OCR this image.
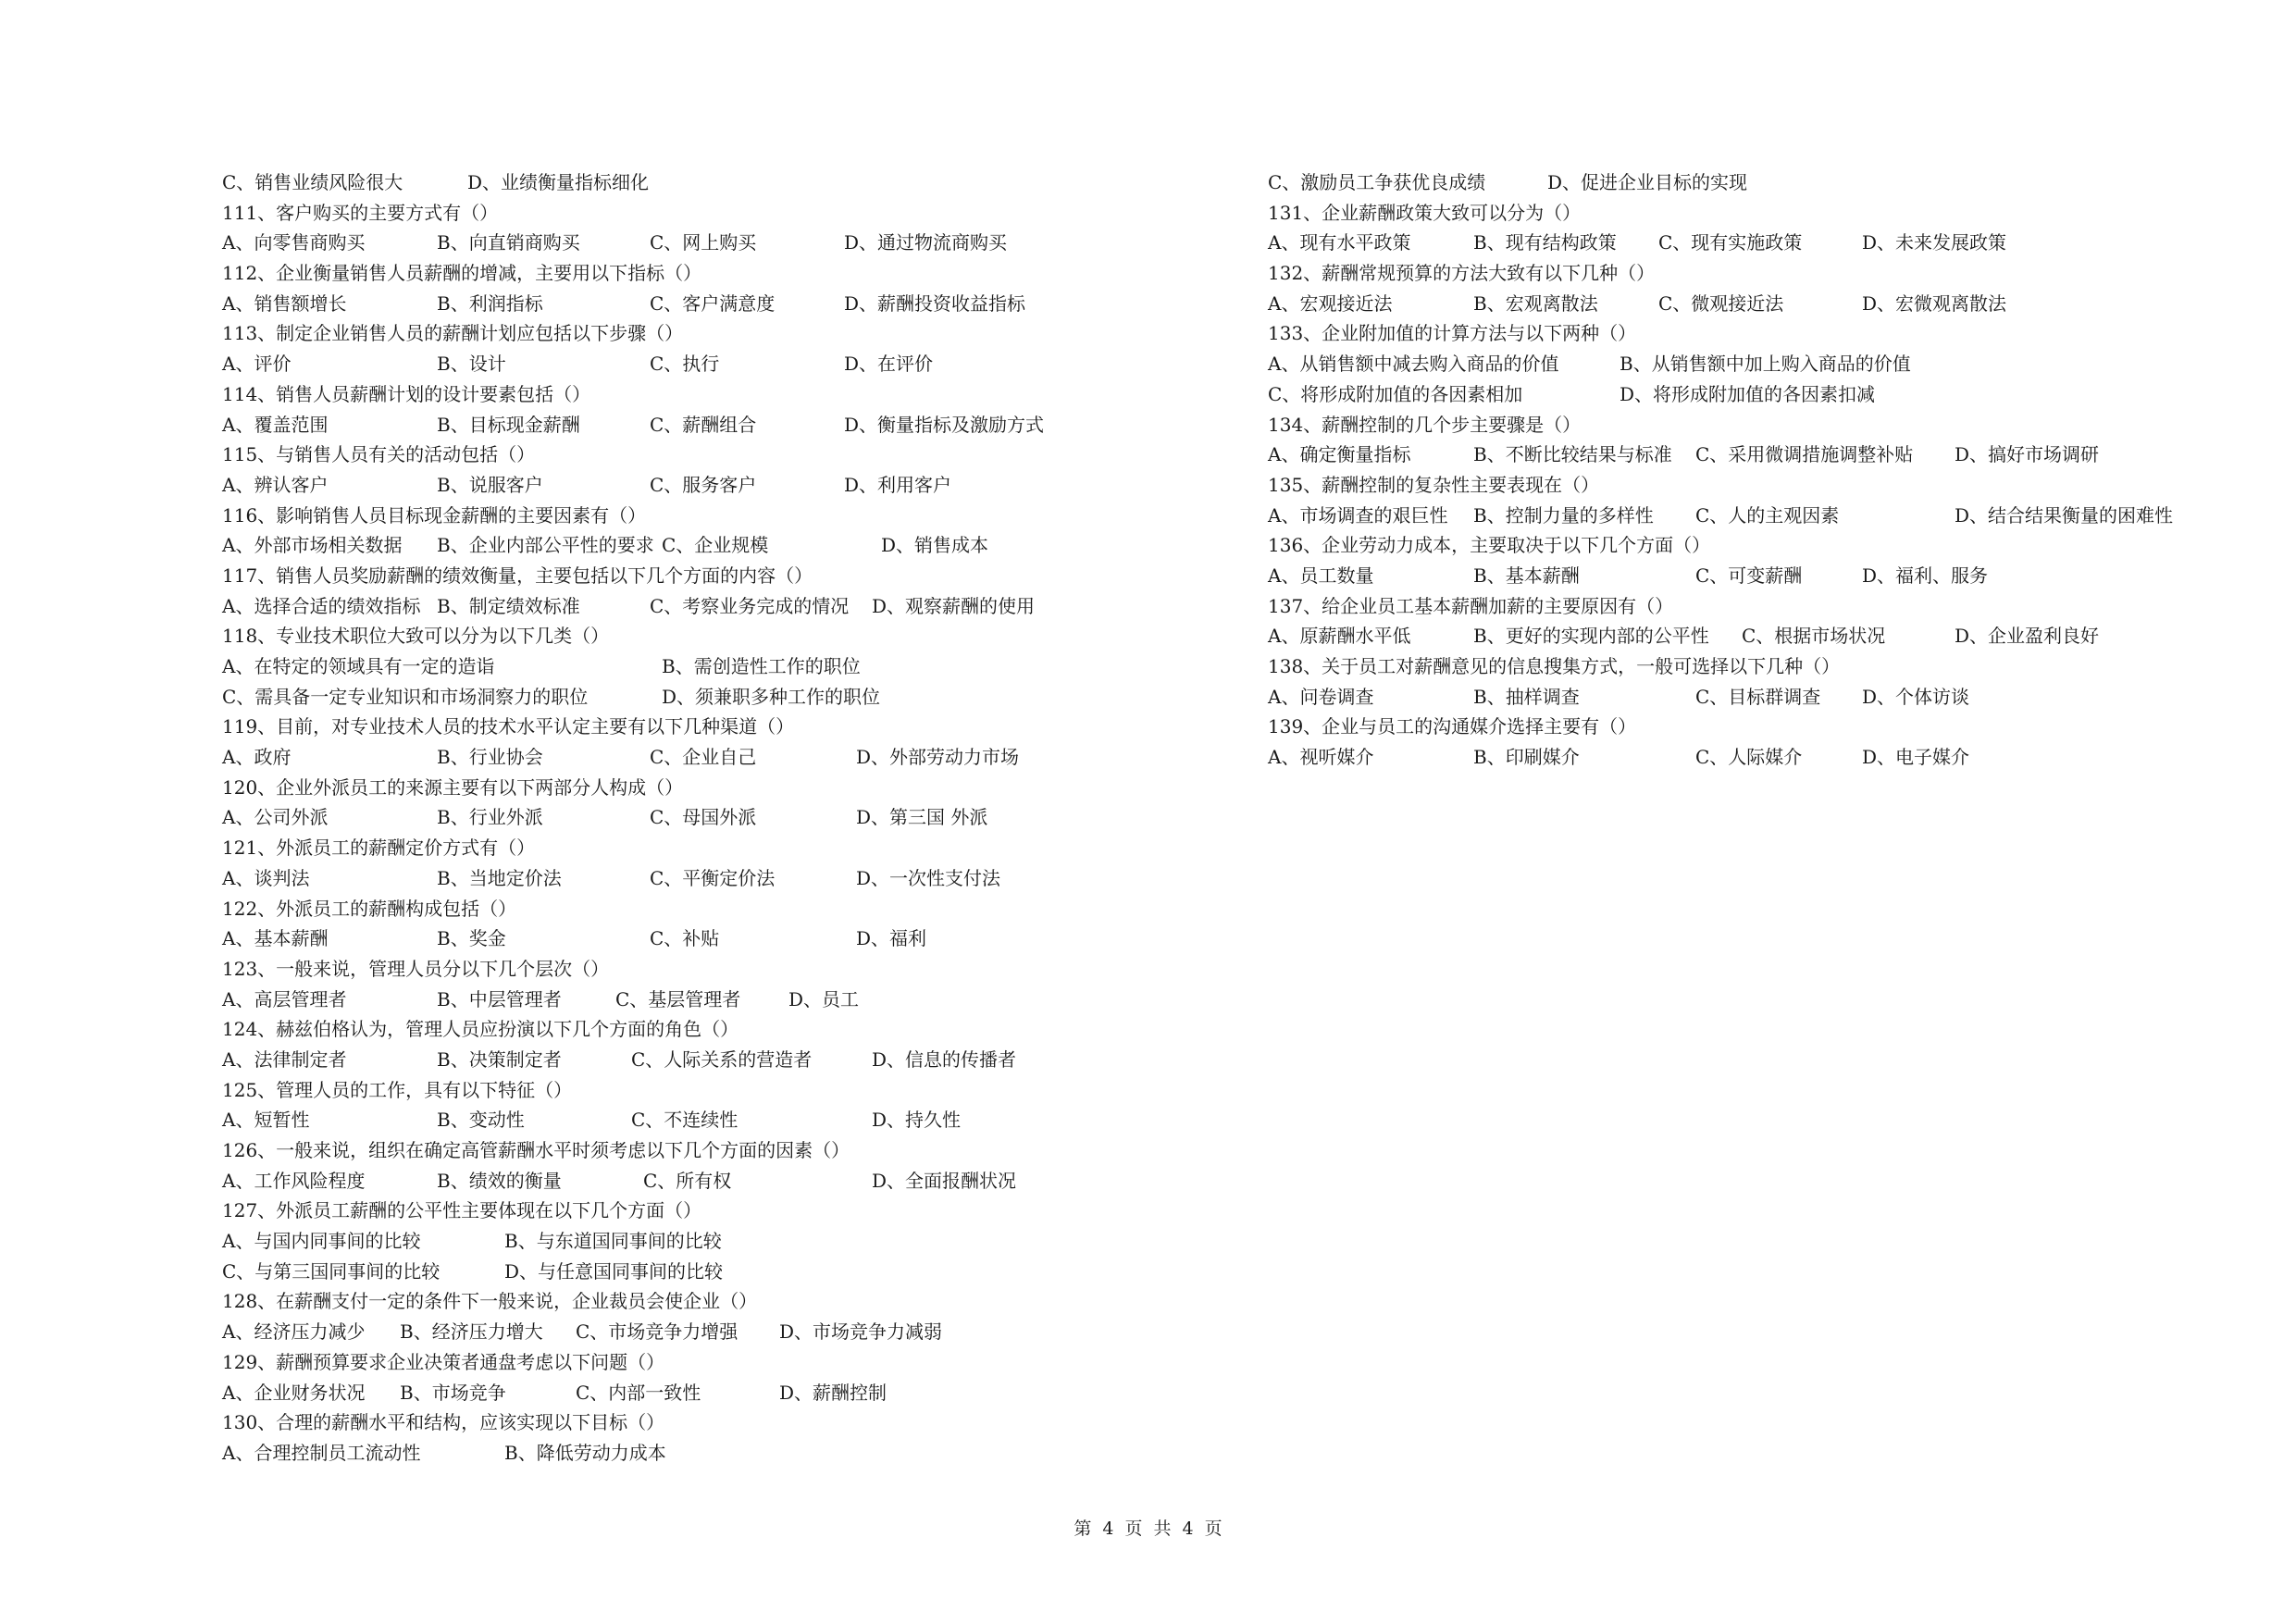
C、销售业绩风险很大	D、业绩衡量指标细化
111、客户购买的主要方式有（）
A、向零售商购买	B、向直销商购买	C、网上购买	D、通过物流商购买
112、企业衡量销售人员薪酬的增减，主要用以下指标（）
A、销售额增长	B、利润指标	C、客户满意度	D、薪酬投资收益指标
113、制定企业销售人员的薪酬计划应包括以下步骤（）
A、评价	B、设计	C、执行	D、在评价
114、销售人员薪酬计划的设计要素包括（）
A、覆盖范围	B、目标现金薪酬	C、薪酬组合	D、衡量指标及激励方式
115、与销售人员有关的活动包括（）
A、辨认客户	B、说服客户	C、服务客户	D、利用客户
116、影响销售人员目标现金薪酬的主要因素有（）
A、外部市场相关数据 B、企业内部公平性的要求 C、企业规模	D、销售成本
117、销售人员奖励薪酬的绩效衡量，主要包括以下几个方面的内容（）
A、选择合适的绩效指标 B、制定绩效标准	C、考察业务完成的情况 D、观察薪酬的使用
118、专业技术职位大致可以分为以下几类（）
A、在特定的领域具有一定的造诣	B、需创造性工作的职位
C、需具备一定专业知识和市场洞察力的职位	D、须兼职多种工作的职位
119、目前，对专业技术人员的技术水平认定主要有以下几种渠道（）
A、政府	B、行业协会	C、企业自己	D、外部劳动力市场
120、企业外派员工的来源主要有以下两部分人构成（）
A、公司外派	B、行业外派	C、母国外派	D、第三国 外派
121、外派员工的薪酬定价方式有（）
A、谈判法	B、当地定价法	C、平衡定价法	D、一次性支付法
122、外派员工的薪酬构成包括（）
A、基本薪酬	B、奖金	C、补贴	D、福利
123、一般来说，管理人员分以下几个层次（）
A、高层管理者	B、中层管理者	C、基层管理者	D、员工
124、赫兹伯格认为，管理人员应扮演以下几个方面的角色（）
A、法律制定者	B、决策制定者	C、人际关系的营造者	D、信息的传播者
125、管理人员的工作，具有以下特征（）
A、短暂性	B、变动性	C、不连续性	D、持久性
126、一般来说，组织在确定高管薪酬水平时须考虑以下几个方面的因素（）
A、工作风险程度	B、绩效的衡量	C、所有权	D、全面报酬状况
127、外派员工薪酬的公平性主要体现在以下几个方面（）
A、与国内同事间的比较	B、与东道国同事间的比较
C、与第三国同事间的比较	D、与任意国同事间的比较
128、在薪酬支付一定的条件下一般来说，企业裁员会使企业（）
A、经济压力减少 B、经济压力增大 C、市场竞争力增强 D、市场竞争力减弱
129、薪酬预算要求企业决策者通盘考虑以下问题（）
A、企业财务状况 B、市场竞争	C、内部一致性	D、薪酬控制
130、合理的薪酬水平和结构，应该实现以下目标（）
A、合理控制员工流动性	B、降低劳动力成本
C、激励员工争获优良成绩	D、促进企业目标的实现
131、企业薪酬政策大致可以分为（）
A、现有水平政策	B、现有结构政策 C、现有实施政策	D、未来发展政策
132、薪酬常规预算的方法大致有以下几种（）
A、宏观接近法	B、宏观离散法	C、微观接近法	D、宏微观离散法
133、企业附加值的计算方法与以下两种（）
A、从销售额中减去购入商品的价值	B、从销售额中加上购入商品的价值
C、将形成附加值的各因素相加	D、将形成附加值的各因素扣减
134、薪酬控制的几个步主要骤是（）
A、确定衡量指标	B、不断比较结果与标准 C、采用微调措施调整补贴 D、搞好市场调研
135、薪酬控制的复杂性主要表现在（）
A、市场调查的艰巨性 B、控制力量的多样性 C、人的主观因素	D、结合结果衡量的困难性
136、企业劳动力成本，主要取决于以下几个方面（）
A、员工数量	B、基本薪酬	C、可变薪酬	D、福利、服务
137、给企业员工基本薪酬加薪的主要原因有（）
A、原薪酬水平低	B、更好的实现内部的公平性 C、根据市场状况	D、企业盈利良好
138、关于员工对薪酬意见的信息搜集方式，一般可选择以下几种（）
A、问卷调查	B、抽样调查	C、目标群调查 D、个体访谈
139、企业与员工的沟通媒介选择主要有（）
A、视听媒介	B、印刷媒介	C、人际媒介	D、电子媒介
第 4 页 共 4 页
